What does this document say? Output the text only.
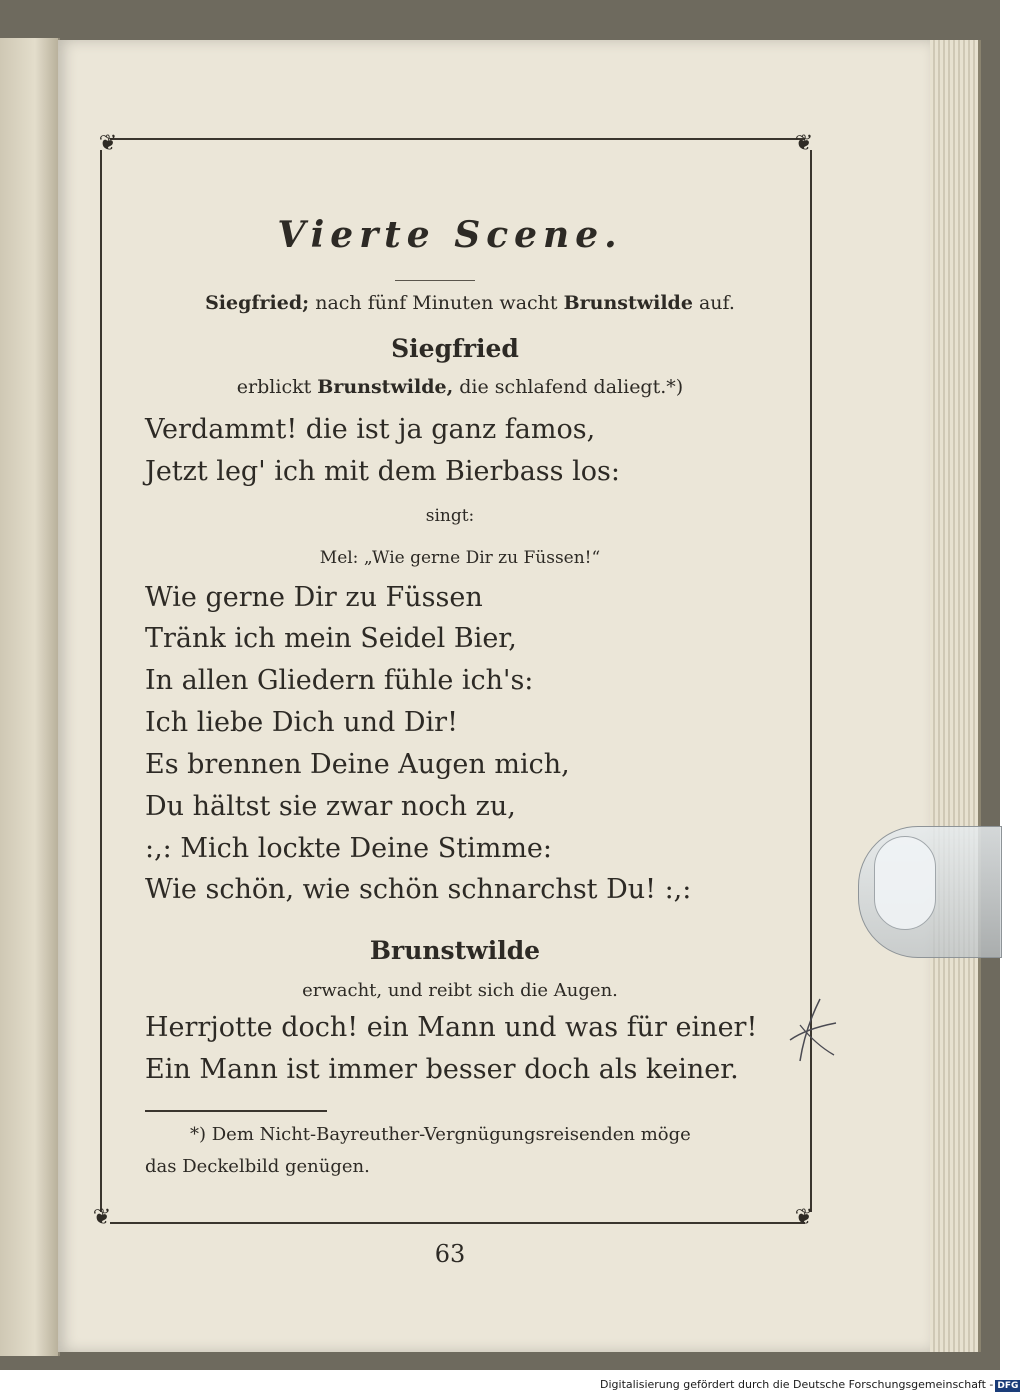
❦	❦
❦	❦
Vierte Scene.
Siegfried; nach fünf Minuten wacht Brunstwilde auf.
Siegfried
erblickt Brunstwilde, die schlafend daliegt.*)
Verdammt! die ist ja ganz famos,
Jetzt leg' ich mit dem Bierbass los:
singt:
Mel: „Wie gerne Dir zu Füssen!“
Wie gerne Dir zu Füssen
Tränk ich mein Seidel Bier,
In allen Gliedern fühle ich's:
Ich liebe Dich und Dir!
Es brennen Deine Augen mich,
Du hältst sie zwar noch zu,
:,: Mich lockte Deine Stimme:
Wie schön, wie schön schnarchst Du! :,:
Brunstwilde
erwacht, und reibt sich die Augen.
Herrjotte doch! ein Mann und was für einer!
Ein Mann ist immer besser doch als keiner.
*) Dem Nicht-Bayreuther-Vergnügungsreisenden möge
das Deckelbild genügen.
63
Digitalisierung gefördert durch die Deutsche Forschungsgemeinschaft - DFG
